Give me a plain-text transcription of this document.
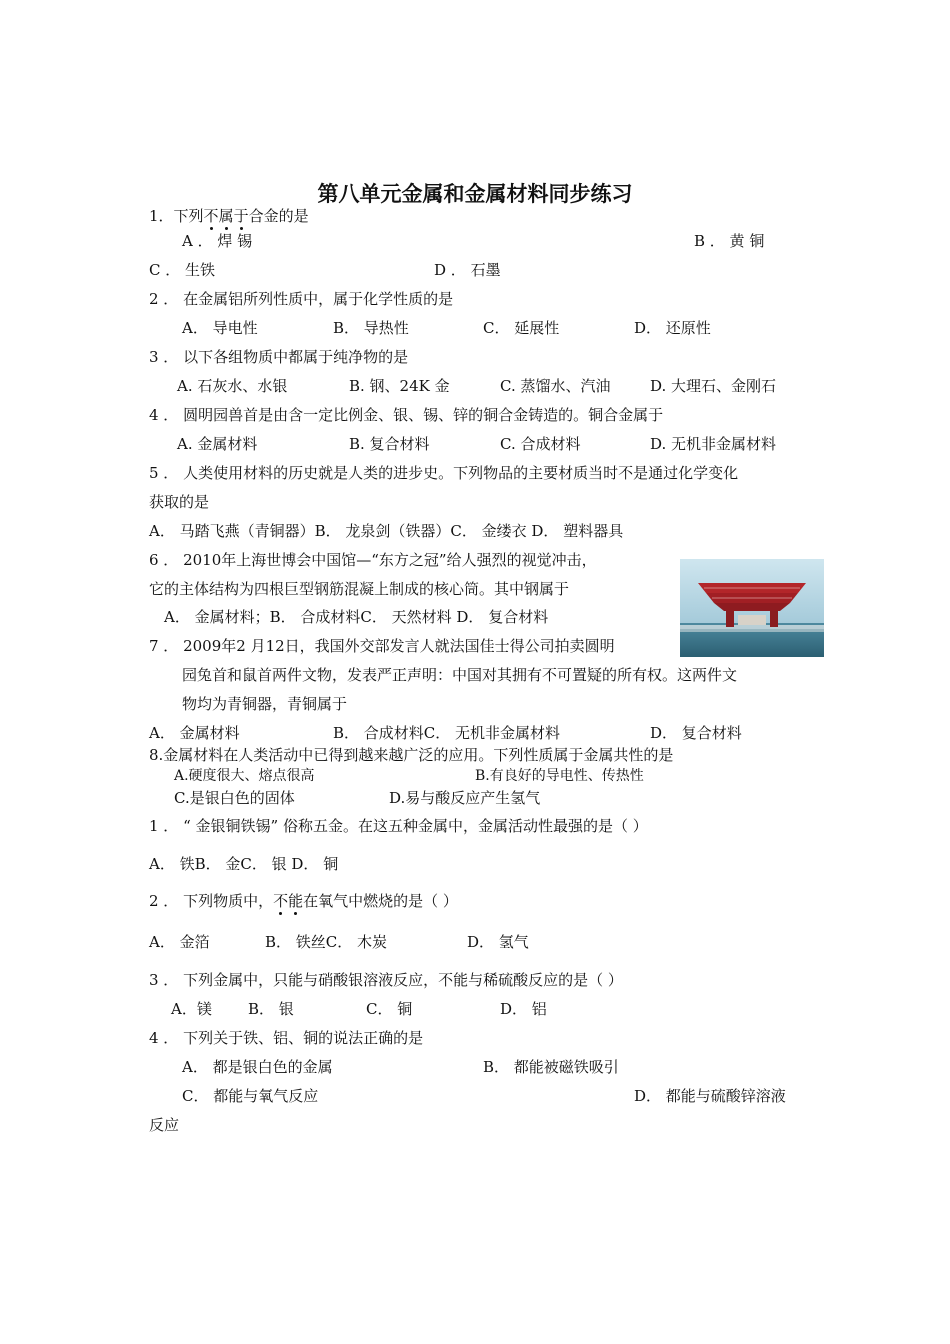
第八单元金属和金属材料同步练习
1．下列不属于合金的是
A ． 焊 锡	B ． 黄 铜
C ． 生铁	D ． 石墨
2 ． 在金属铝所列性质中，属于化学性质的是
A． 导电性	B． 导热性	C． 延展性	D． 还原性
3 ． 以下各组物质中都属于纯净物的是
A. 石灰水、水银	B. 钢、24K 金	C. 蒸馏水、汽油	D. 大理石、金刚石
4 ． 圆明园兽首是由含一定比例金、银、锡、锌的铜合金铸造的。铜合金属于
A. 金属材料	B. 复合材料	C. 合成材料	D. 无机非金属材料
5 ． 人类使用材料的历史就是人类的进步史。下列物品的主要材质当时不是通过化学变化
获取的是
A． 马踏飞燕（青铜器）B． 龙泉剑（铁器）C． 金缕衣 D． 塑料器具
6 ． 2010年上海世博会中国馆—“东方之冠”给人强烈的视觉冲击，
它的主体结构为四根巨型钢筋混凝上制成的核心筒。其中钢属于
A． 金属材料；B． 合成材料C． 天然材料 D． 复合材料
7 ． 2009年2 月12日，我国外交部发言人就法国佳士得公司拍卖圆明
园兔首和鼠首两件文物，发表严正声明：中国对其拥有不可置疑的所有权。这两件文
物均为青铜器，青铜属于
A． 金属材料	B． 合成材料C． 无机非金属材料	D． 复合材料
8.金属材料在人类活动中已得到越来越广泛的应用。下列性质属于金属共性的是
A.硬度很大、熔点很高	B.有良好的导电性、传热性
C.是银白色的固体	D.易与酸反应产生氢气
1 ． “ 金银铜铁锡” 俗称五金。在这五种金属中，金属活动性最强的是（ ）
A． 铁B． 金C． 银 D． 铜
2 ． 下列物质中，不能在氧气中燃烧的是（ ）
A． 金箔	B． 铁丝C． 木炭	D． 氢气
3 ． 下列金属中，只能与硝酸银溶液反应，不能与稀硫酸反应的是（ ）
A．镁 B． 银	C． 铜	D． 铝
4 ． 下列关于铁、铝、铜的说法正确的是
A． 都是银白色的金属	B． 都能被磁铁吸引
C． 都能与氧气反应	D． 都能与硫酸锌溶液
反应
